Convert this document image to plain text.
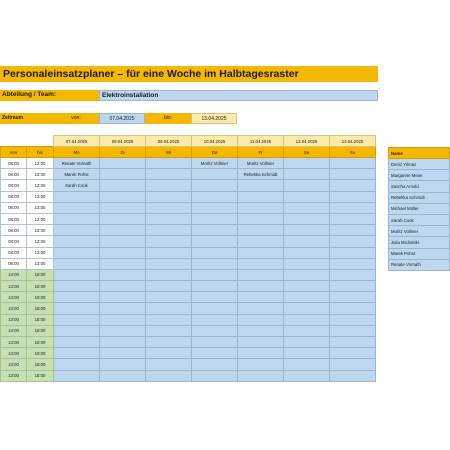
Personaleinsatzplaner – für eine Woche im Halbtagesraster
Abteilung / Team:	Elektroinstallation
Zeitraum	von:	07.04.2025	bis:	13.04.2025
		07.04.2025	08.04.2025	09.04.2025	10.04.2025	11.04.2025	12.04.2025	13.04.2025
von	bis	Mo	Di	Mi	Do	Fr	Sa	So
08:00	13:00	Renate Vornath			Moritz Vollmer	Moritz Vollmer		
08:00	13:00	Marek Pohst				Rebekka Schmidt		
08:00	13:00	Sarah Cook						
08:00	13:00							
08:00	13:00							
08:00	13:00							
08:00	13:00							
08:00	13:00							
08:00	13:00							
08:00	13:00							
13:00	18:00							
13:00	18:00							
13:00	18:00							
13:00	18:00							
13:00	18:00							
13:00	18:00							
13:00	18:00							
13:00	18:00							
13:00	18:00							
13:00	18:00							
Name
Deniz Yılmaz
Margarete Meier
Sascha Arnold
Rebekka Schmidt
Michael Müller
Sarah Cook
Moritz Vollmer
Julia Michalski
Marek Pohst
Renate Vornath
